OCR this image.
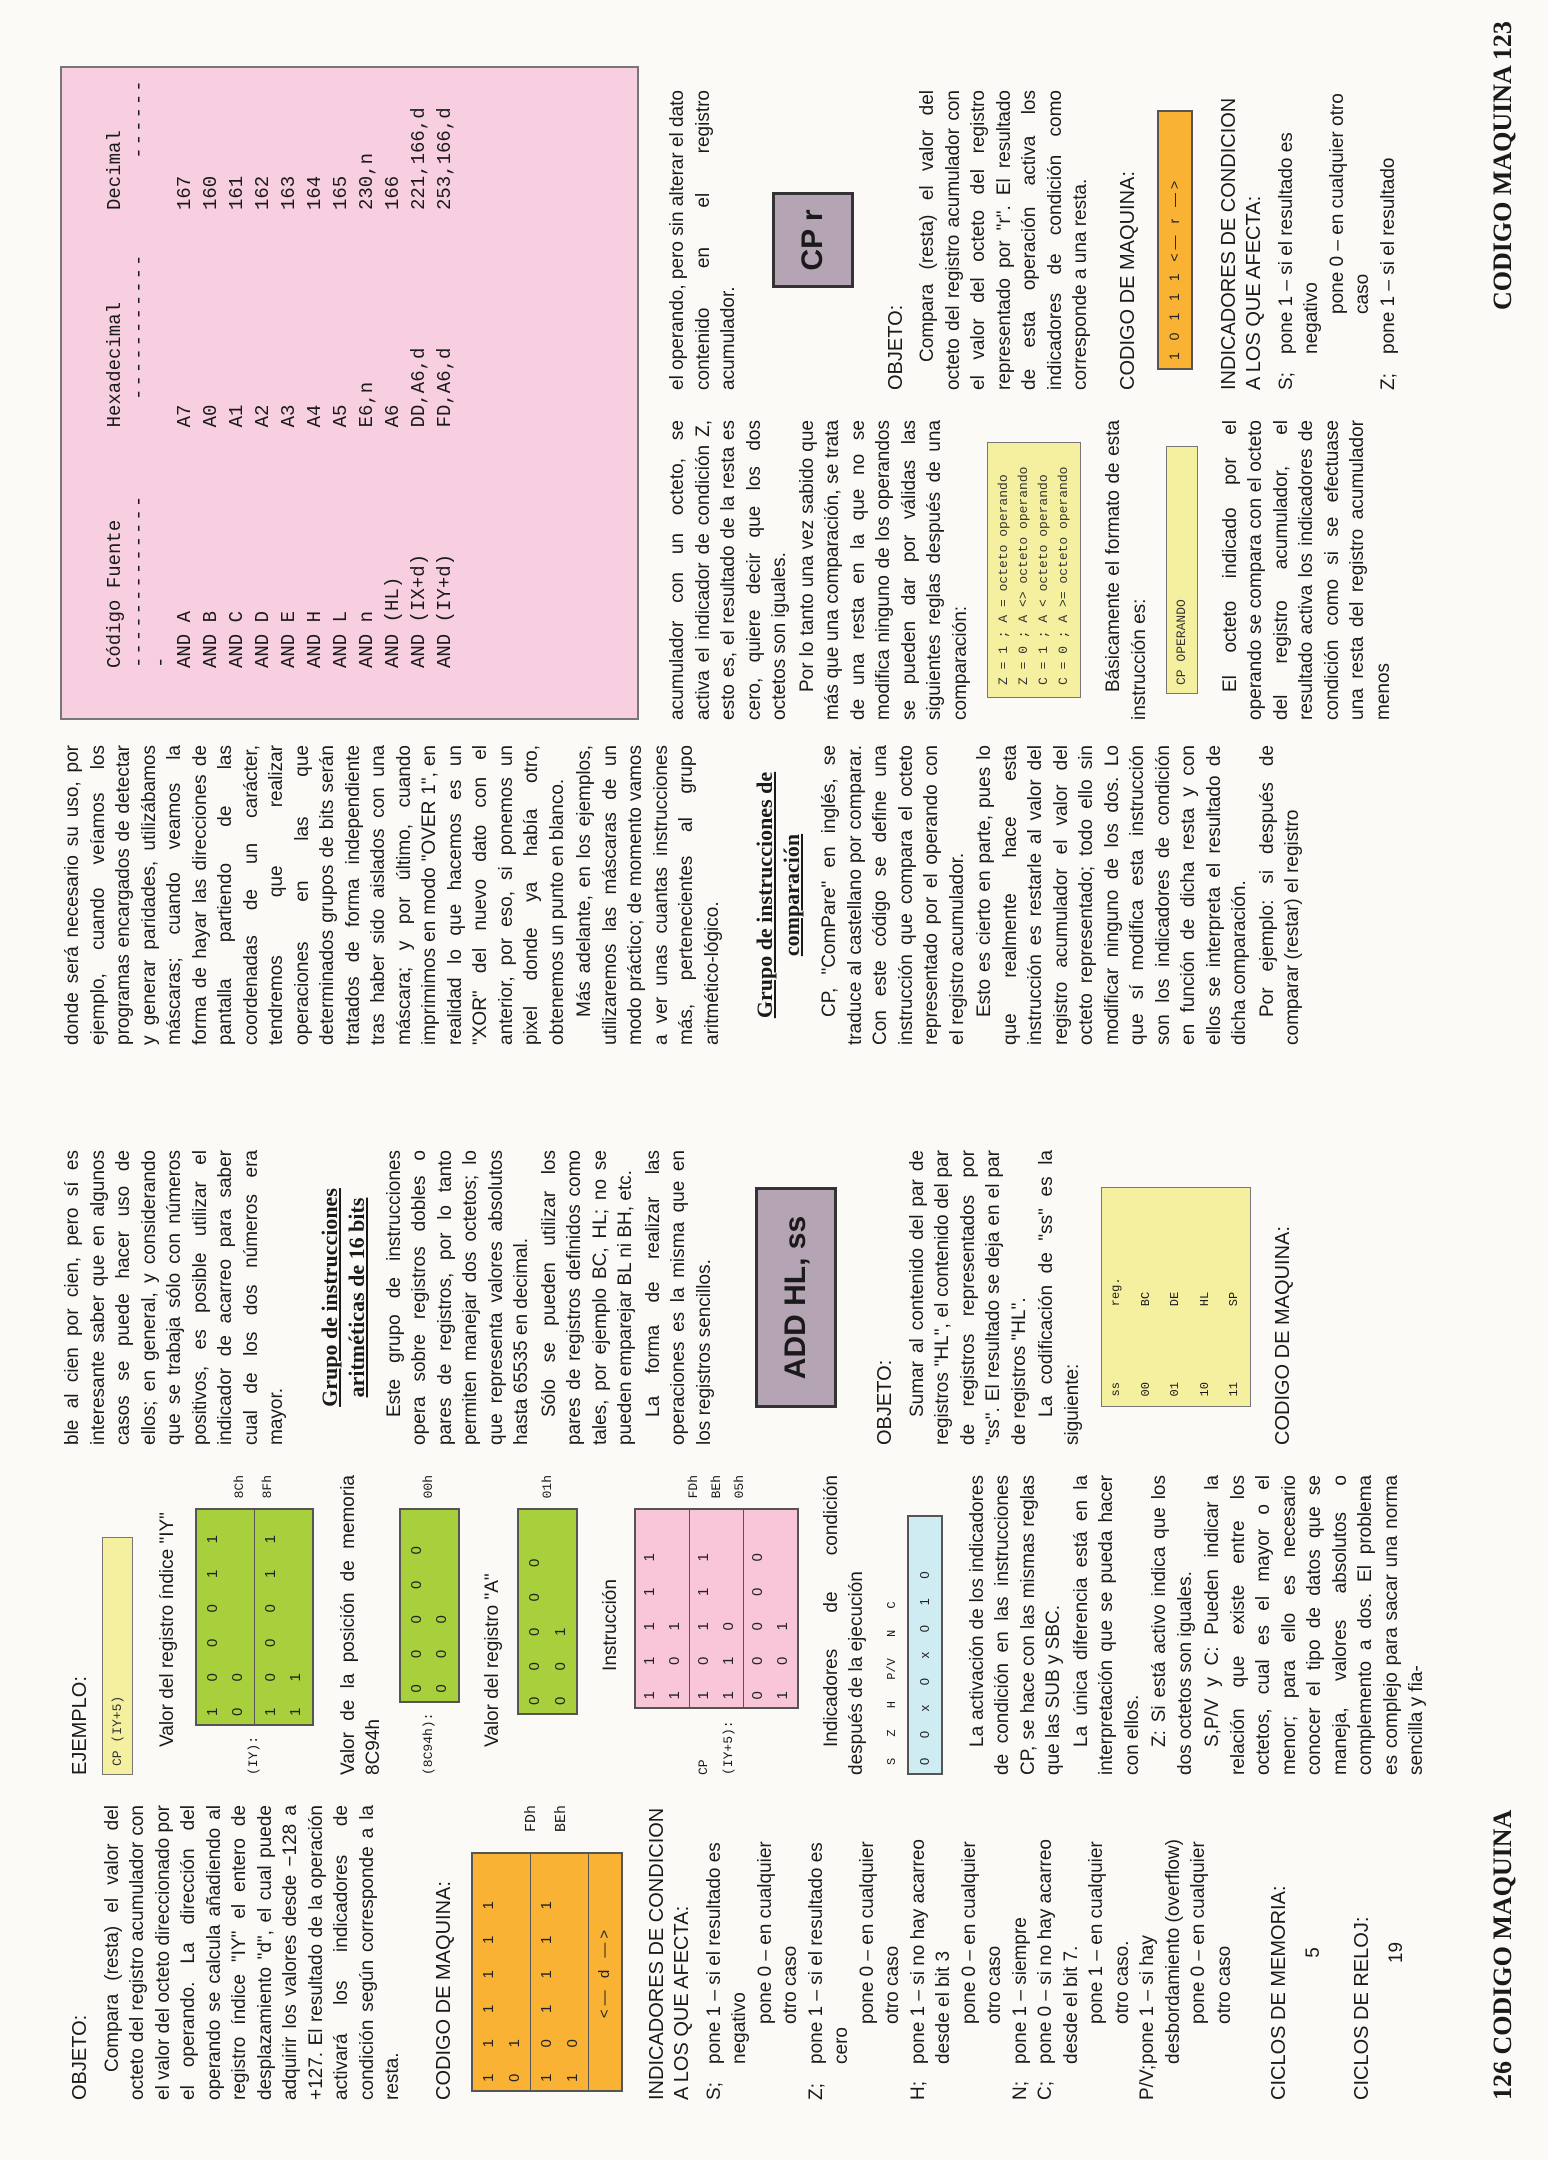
OBJETO: Compara (resta) el valor del octeto del registro acumulador con el valor del octeto direccionado por el operando. La dirección del operando se calcula añadiendo al registro índice "IY" el entero de desplazamiento "d", el cual puede adquirir los valores desde −128 a +127. El resultado de la operación activará los indicadores de condición según corresponde a la resta. CODIGO DE MAQUINA:	1 1 1 1 1 1 0 1	1 0 1 1 1 1 1 0
<— d —>
FDh BEh	INDICADORES DE CONDICION A LOS QUE AFECTA: S;
pone 1 – si el resultado es negativo
pone 0 – en cualquier otro caso
Z;
pone 1 – si el resultado es cero
pone 0 – en cualquier otro caso
H;
pone 1 – si no hay acarreo desde el bit 3 pone 0 – en cualquier otro caso
N;
pone 1 – siempre
C;
pone 0 – si no hay acarreo desde el bit 7. pone 1 – en cualquier otro caso.
P/V;
pone 1 – si hay desbordamiento (overflow) pone 0 – en cualquier otro caso CICLOS DE MEMORIA: 5 CICLOS DE RELOJ: 19
EJEMPLO:	CP (IY+5)	Valor del registro índice "IY"

(IY):
1 0 0 0 1 1 0 0	1 0 0 0 1 1 1 1
8Ch	8Fh	Valor de la posición de memoria 8C94h	(8C94h):
0 0 0 0 0 0 0 0
00h

Valor del registro "A"	0 0 0 0 0 0 0 1
01h

Instrucción

CP (IY+5):
1 1 1 1 1 1 0 1 1 0 1 1 1 1 1 0 0 0 0 0 0 1 0 1
FDh BEh 05h	Indicadores de condición después de la ejecución	S Z H P/V N C	0 0 x 0 x 0 1 0	La activación de los indicadores de condición en las instrucciones CP, se hace con las mismas reglas que las SUB y SBC. La única diferencia está en la interpretación que se pueda hacer con ellos. Z: Si está activo indica que los dos octetos son iguales. S,P/V y C: Pueden indicar la relación que existe entre los octetos, cual es el mayor o el menor; para ello es necesario conocer el tipo de datos que se maneja, valores absolutos o complemento a dos. El problema es complejo para sacar una norma sencilla y fia-

ble al cien por cien, pero sí es interesante saber que en algunos casos se puede hacer uso de ellos; en general, y considerando que se trabaja sólo con números positivos, es posible utilizar el indicador de acarreo para saber cual de los dos números era mayor.

Grupo de instrucciones aritméticas de 16 bits Este grupo de instrucciones opera sobre registros dobles o pares de registros, por lo tanto permiten manejar dos octetos; lo que representa valores absolutos hasta 65535 en decimal. Sólo se pueden utilizar los pares de registros definidos como tales, por ejemplo BC, HL; no se pueden emparejar BL ni BH, etc. La forma de realizar las operaciones es la misma que en los registros sencillos.	ADD HL, ss
OBJETO: Sumar al contenido del par de registros "HL", el contenido del par de registros representados por "ss". El resultado se deja en el par de registros "HL". La codificación de "ss" es la siguiente: ss	reg.
00	BC
01	DE
10	HL
11	SP CODIGO DE MAQUINA:
126 CODIGO MAQUINA

donde será necesario su uso, por ejemplo, cuando veíamos los programas encargados de detectar y generar paridades, utilizábamos máscaras; cuando veamos la forma de hayar las direcciones de pantalla partiendo de las coordenadas de un carácter, tendremos que realizar operaciones en las que determinados grupos de bits serán tratados de forma independiente tras haber sido aislados con una máscara; y por último, cuando imprimimos en modo "OVER 1", en realidad lo que hacemos es un "XOR" del nuevo dato con el anterior, por eso, si ponemos un pixel donde ya había otro, obtenemos un punto en blanco. Más adelante, en los ejemplos, utilizaremos las máscaras de un modo práctico; de momento vamos a ver unas cuantas instrucciones más, pertenecientes al grupo aritmético-lógico. Grupo de instrucciones de comparación CP, "ComPare" en inglés, se traduce al castellano por comparar. Con este código se define una instrucción que compara el octeto representado por el operando con el registro acumulador. Esto es cierto en parte, pues lo que realmente hace esta instrucción es restarle al valor del registro acumulador el valor del octeto representado; todo ello sin modificar ninguno de los dos. Lo que sí modifica esta instrucción son los indicadores de condición en función de dicha resta y con ellos se interpreta el resultado de dicha comparación. Por ejemplo: si después de comparar (restar) el registro

Código Fuente	Hexadecimal	Decimal
-------------       -----------       -------		
AND A	A7	167
AND B	A0	160
AND C	A1	161
AND D	A2	162
AND E	A3	163
AND H	A4	164
AND L	A5	165
AND n	E6,n	230,n
AND (HL)	A6	166
AND (IX+d)	DD,A6,d	221,166,d
AND (IY+d)	FD,A6,d	253,166,d

acumulador con un octeto, se activa el indicador de condición Z, esto es, el resultado de la resta es cero, quiere decir que los dos octetos son iguales. Por lo tanto una vez sabido que más que una comparación, se trata de una resta en la que no se modifica ninguno de los operandos se pueden dar por válidas las siguientes reglas después de una comparación: Z = 1 ; A = octeto operando Z = 0 ; A <> octeto operando C = 1 ; A < octeto operando C = 0 ; A >= octeto operando Básicamente el formato de esta instrucción es:	CP OPERANDO	El octeto indicado por el operando se compara con el octeto del registro acumulador, el resultado activa los indicadores de condición como si se efectuase una resta del registro acumulador menos

el operando, pero sin alterar el dato contenido en el registro acumulador.

CP r
OBJETO: Compara (resta) el valor del octeto del registro acumulador con el valor del octeto del registro representado por "r". El resultado de esta operación activa los indicadores de condición como corresponde a una resta. CODIGO DE MAQUINA:	1 0 1 1 1 <— r —>	INDICADORES DE CONDICION A LOS QUE AFECTA: S;
pone 1 – si el resultado es negativo
pone 0 – en cualquier otro caso
Z;
pone 1 – si el resultado	CODIGO MAQUINA 123
